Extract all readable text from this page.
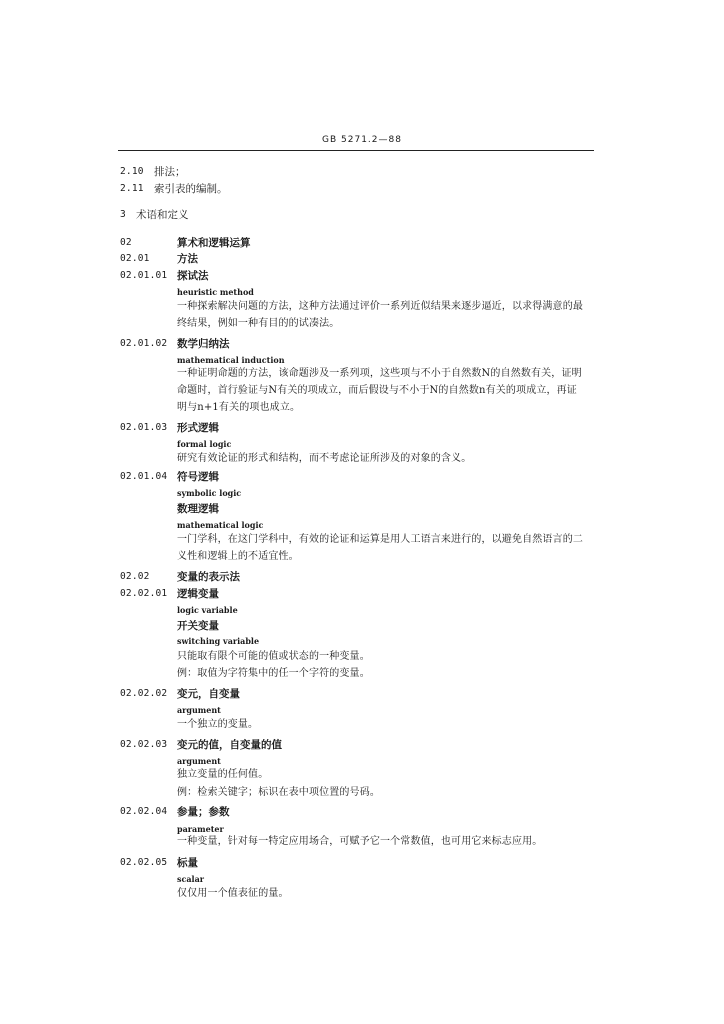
GB 5271.2—88
2.10 排法；
2.11 索引表的编制。
3 术语和定义
02	算术和逻辑运算
02.01	方法
02.01.01 探试法
heuristic method
一种探索解决问题的方法，这种方法通过评价一系列近似结果来逐步逼近，以求得满意的最
终结果，例如一种有目的的试凑法。
02.01.02 数学归纳法
mathematical induction
一种证明命题的方法，该命题涉及一系列项，这些项与不小于自然数N的自然数有关，证明
命题时，首行验证与N有关的项成立，而后假设与不小于N的自然数n有关的项成立，再证
明与n+1有关的项也成立。
02.01.03 形式逻辑
formal logic
研究有效论证的形式和结构，而不考虑论证所涉及的对象的含义。
02.01.04 符号逻辑
symbolic logic
数理逻辑
mathematical logic
一门学科，在这门学科中，有效的论证和运算是用人工语言来进行的，以避免自然语言的二
义性和逻辑上的不适宜性。
02.02	变量的表示法
02.02.01 逻辑变量
logic variable
开关变量
switching variable
只能取有限个可能的值或状态的一种变量。
例：取值为字符集中的任一个字符的变量。
02.02.02 变元，自变量
argument
一个独立的变量。
02.02.03 变元的值，自变量的值
argument
独立变量的任何值。
例：检索关键字；标识在表中项位置的号码。
02.02.04 参量；参数
parameter
一种变量，针对每一特定应用场合，可赋予它一个常数值，也可用它来标志应用。
02.02.05 标量
scalar
仅仅用一个值表征的量。
